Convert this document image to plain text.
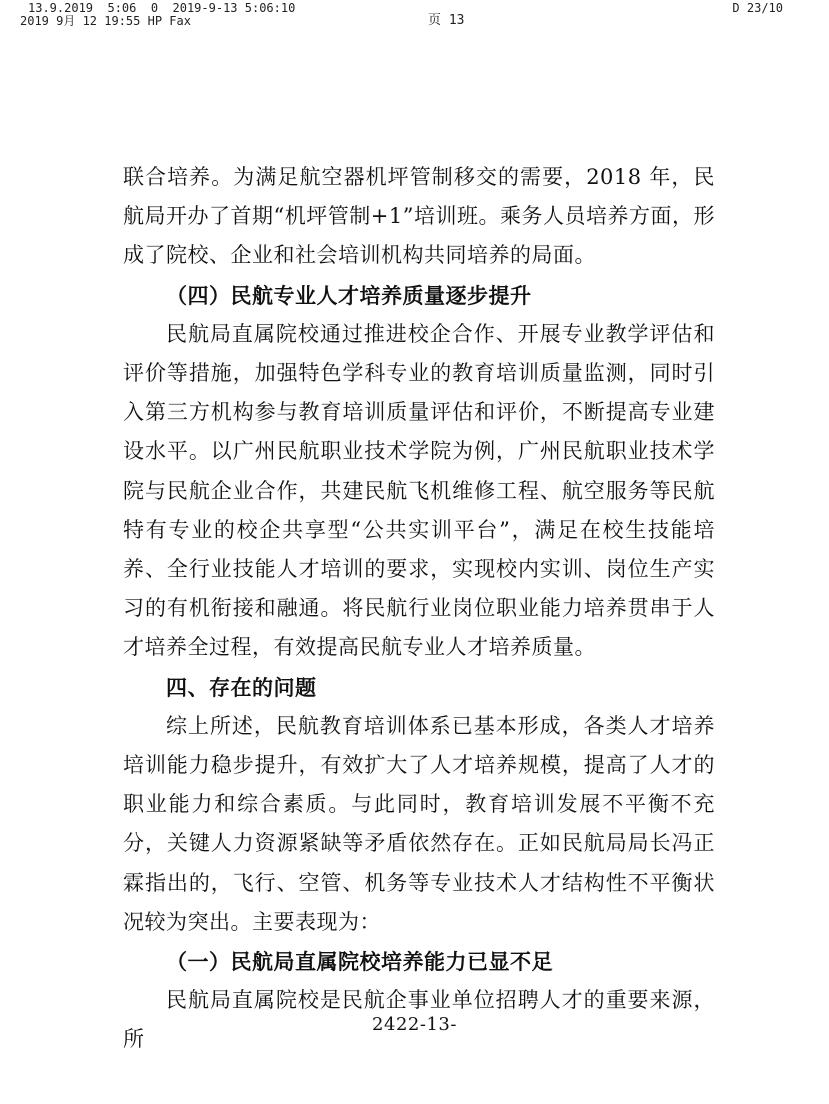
13.9.2019  5:06  0  2019-9-13 5:06:10	D 23/10
2019 9月 12 19:55 HP Fax	页 13

联合培养。为满足航空器机坪管制移交的需要，2018 年，民航局开办了首期“机坪管制+1”培训班。乘务人员培养方面，形成了院校、企业和社会培训机构共同培养的局面。

（四）民航专业人才培养质量逐步提升

民航局直属院校通过推进校企合作、开展专业教学评估和评价等措施，加强特色学科专业的教育培训质量监测，同时引入第三方机构参与教育培训质量评估和评价，不断提高专业建设水平。以广州民航职业技术学院为例，广州民航职业技术学院与民航企业合作，共建民航飞机维修工程、航空服务等民航特有专业的校企共享型“公共实训平台”，满足在校生技能培养、全行业技能人才培训的要求，实现校内实训、岗位生产实习的有机衔接和融通。将民航行业岗位职业能力培养贯串于人才培养全过程，有效提高民航专业人才培养质量。

四、存在的问题

综上所述，民航教育培训体系已基本形成，各类人才培养培训能力稳步提升，有效扩大了人才培养规模，提高了人才的职业能力和综合素质。与此同时，教育培训发展不平衡不充分，关键人力资源紧缺等矛盾依然存在。正如民航局局长冯正霖指出的，飞行、空管、机务等专业技术人才结构性不平衡状况较为突出。主要表现为：

（一）民航局直属院校培养能力已显不足

民航局直属院校是民航企事业单位招聘人才的重要来源，所

2422-13-
